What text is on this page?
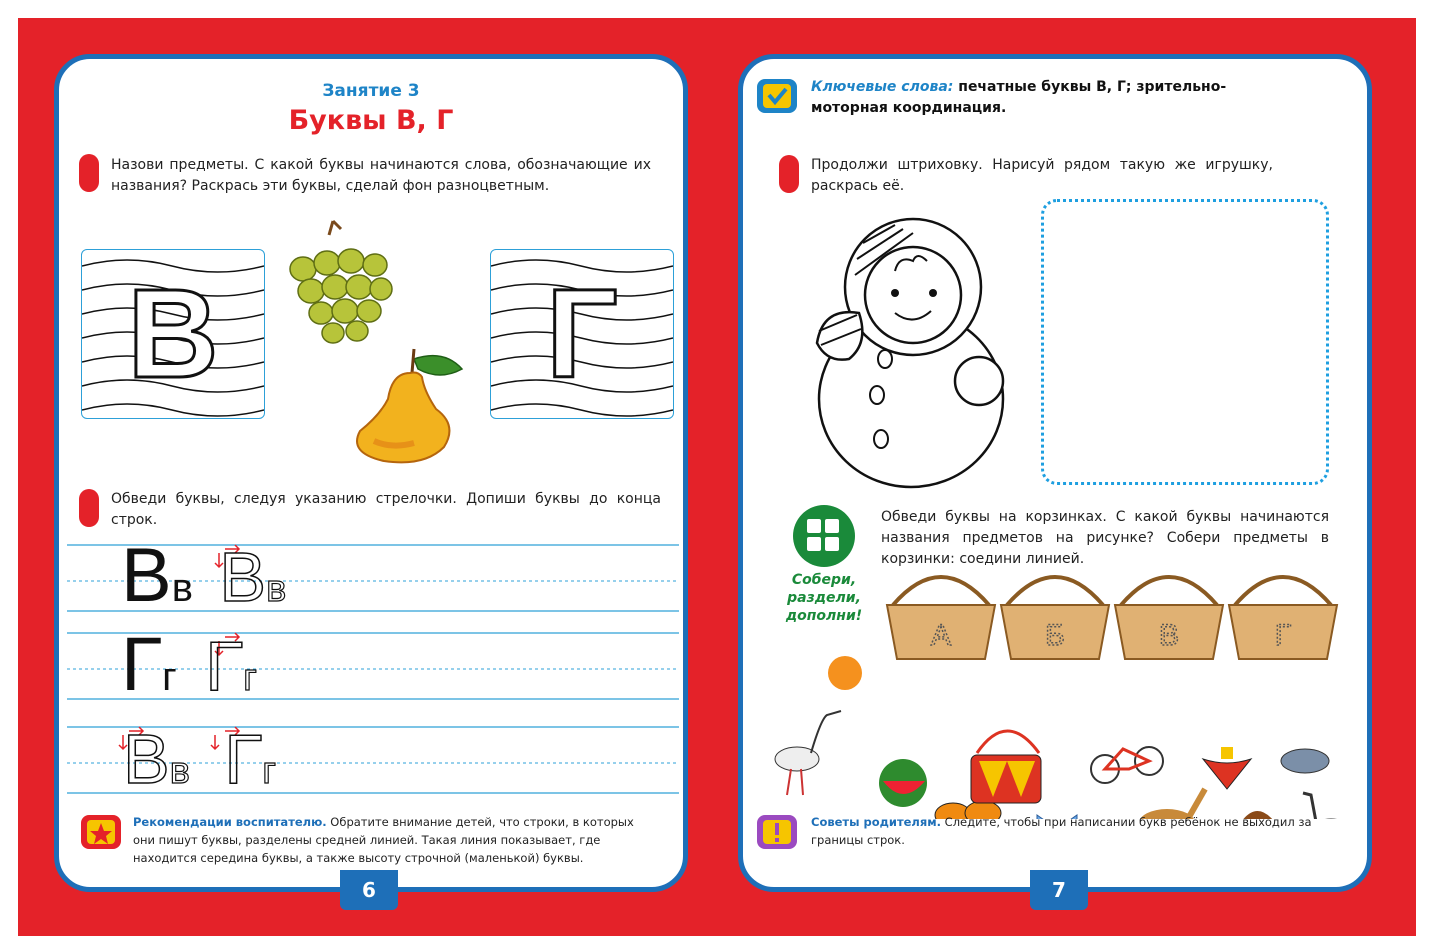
Занятие 3
Буквы В, Г
Назови предметы. С какой буквы начинаются слова, обозначающие их названия? Раскрась эти буквы, сделай фон разноцветным.
В	Г
Обведи буквы, следуя указанию стрелочки. Допиши буквы до конца строк.
Вв Вв
Гг Гг
Вв Гг
Рекомендации воспитателю. Обратите внимание детей, что строки, в которых они пишут буквы, разделены средней линией. Такая линия показывает, где находится середина буквы, а также высоту строчной (маленькой) буквы.
6
Ключевые слова: печатные буквы В, Г; зрительно-моторная координация.
Продолжи штриховку. Нарисуй рядом такую же игрушку, раскрась её.
Собери, раздели, дополни!
Обведи буквы на корзинках. С какой буквы начинаются названия предметов на рисунке? Собери предметы в корзинки: соедини линией.
А	Б	В	Г
Советы родителям. Следите, чтобы при написании букв ребёнок не выходил за границы строк.
7
